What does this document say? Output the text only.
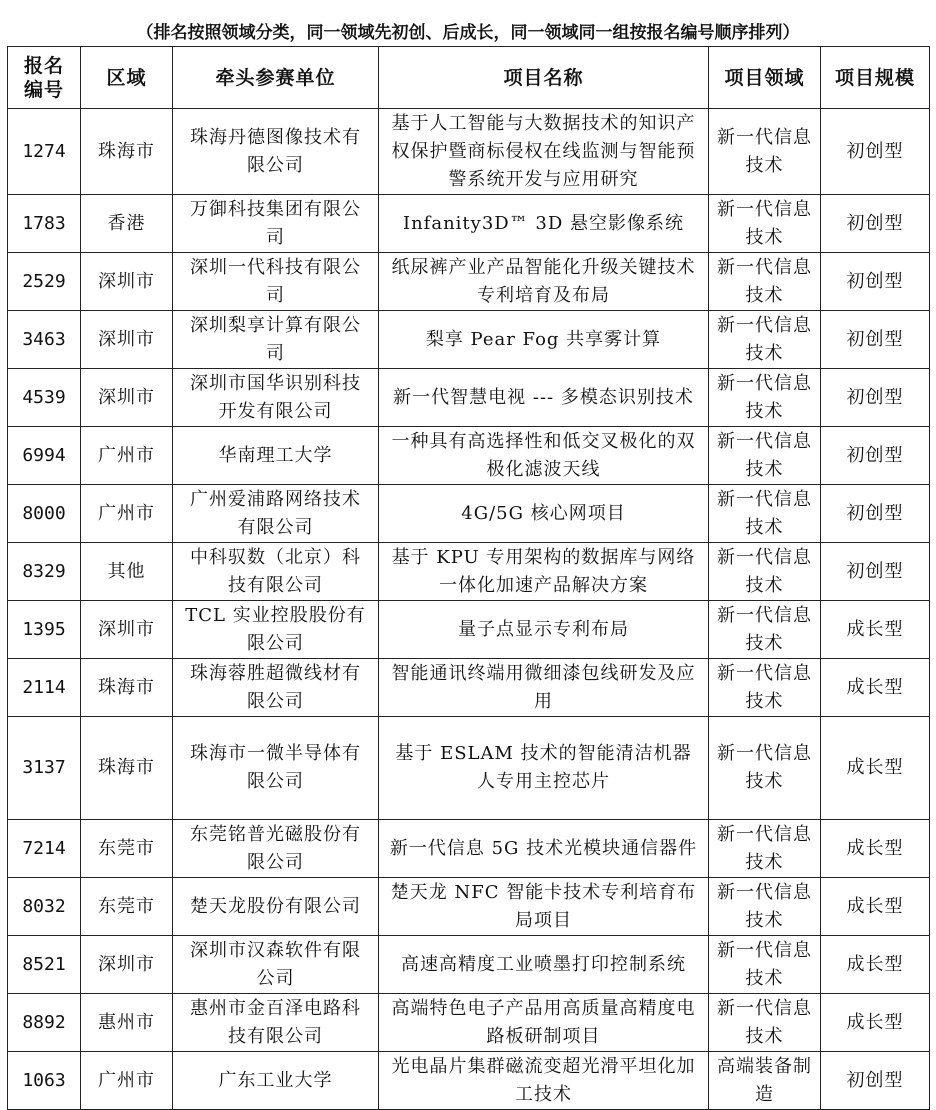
（排名按照领域分类，同一领域先初创、后成长，同一领域同一组按报名编号顺序排列）
报名
编号	区域	牵头参赛单位	项目名称	项目领域	项目规模
1274	珠海市	珠海丹德图像技术有限公司	基于人工智能与大数据技术的知识产权保护暨商标侵权在线监测与智能预警系统开发与应用研究	新一代信息技术	初创型
1783	香港	万御科技集团有限公司	Infanity3D™ 3D 悬空影像系统	新一代信息技术	初创型
2529	深圳市	深圳一代科技有限公司	纸尿裤产业产品智能化升级关键技术专利培育及布局	新一代信息技术	初创型
3463	深圳市	深圳梨享计算有限公司	梨享 Pear Fog 共享雾计算	新一代信息技术	初创型
4539	深圳市	深圳市国华识别科技开发有限公司	新一代智慧电视 --- 多模态识别技术	新一代信息技术	初创型
6994	广州市	华南理工大学	一种具有高选择性和低交叉极化的双极化滤波天线	新一代信息技术	初创型
8000	广州市	广州爱浦路网络技术有限公司	4G/5G 核心网项目	新一代信息技术	初创型
8329	其他	中科驭数（北京）科技有限公司	基于 KPU 专用架构的数据库与网络一体化加速产品解决方案	新一代信息技术	初创型
1395	深圳市	TCL 实业控股股份有限公司	量子点显示专利布局	新一代信息技术	成长型
2114	珠海市	珠海蓉胜超微线材有限公司	智能通讯终端用微细漆包线研发及应用	新一代信息技术	成长型
3137	珠海市	珠海市一微半导体有限公司	基于 ESLAM 技术的智能清洁机器人专用主控芯片	新一代信息技术	成长型
7214	东莞市	东莞铭普光磁股份有限公司	新一代信息 5G 技术光模块通信器件	新一代信息技术	成长型
8032	东莞市	楚天龙股份有限公司	楚天龙 NFC 智能卡技术专利培育布局项目	新一代信息技术	成长型
8521	深圳市	深圳市汉森软件有限公司	高速高精度工业喷墨打印控制系统	新一代信息技术	成长型
8892	惠州市	惠州市金百泽电路科技有限公司	高端特色电子产品用高质量高精度电路板研制项目	新一代信息技术	成长型
1063	广州市	广东工业大学	光电晶片集群磁流变超光滑平坦化加工技术	高端装备制造	初创型
